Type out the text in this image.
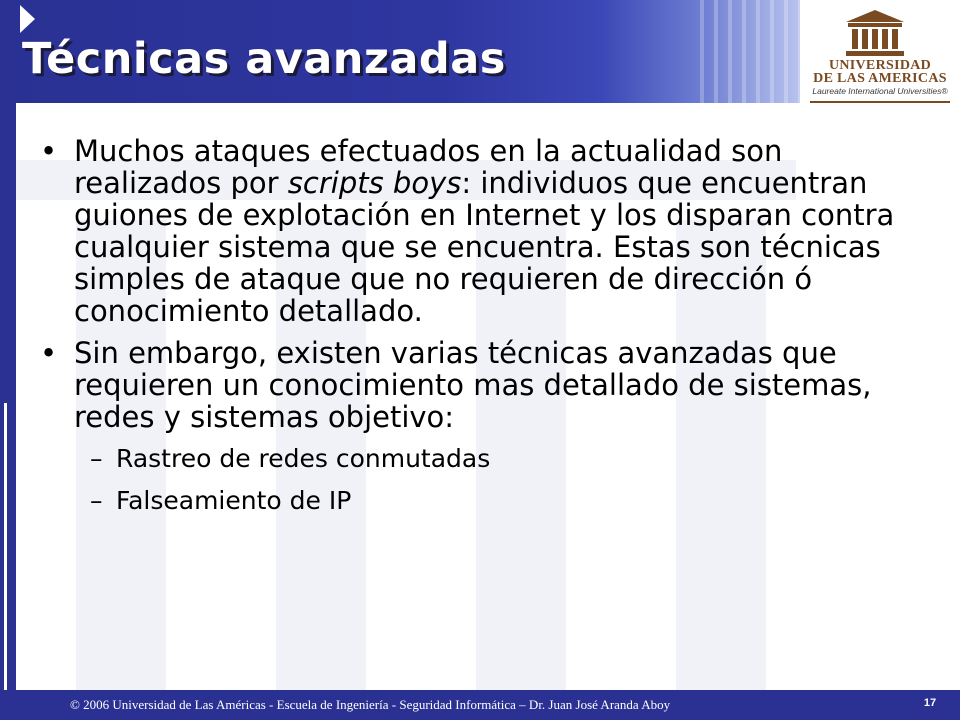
Técnicas avanzadas	UNIVERSIDAD
DE LAS AMERICAS
Laureate International Universities®

• Muchos ataques efectuados en la actualidad son realizados por scripts boys: individuos que encuentran guiones de explotación en Internet y los disparan contra cualquier sistema que se encuentra. Estas son técnicas simples de ataque que no requieren de dirección ó conocimiento detallado.

• Sin embargo, existen varias técnicas avanzadas que requieren un conocimiento mas detallado de sistemas, redes y sistemas objetivo:

– Rastreo de redes conmutadas

– Falseamiento de IP

© 2006 Universidad de Las Américas - Escuela de Ingeniería - Seguridad Informática – Dr. Juan José Aranda Aboy	17
